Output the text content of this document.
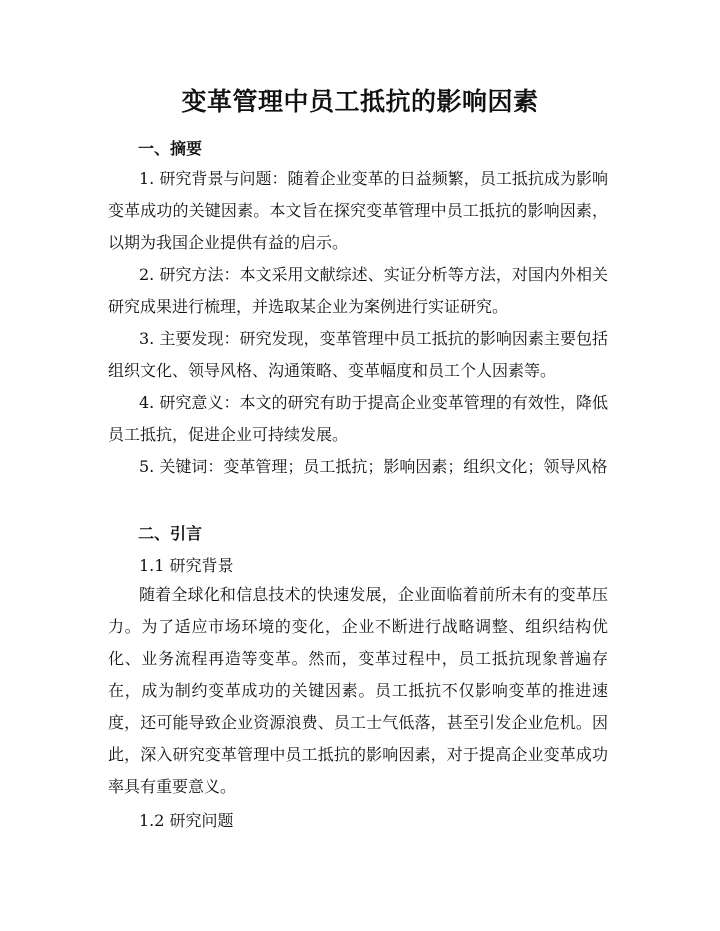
变革管理中员工抵抗的影响因素
一、摘要

1. 研究背景与问题：随着企业变革的日益频繁，员工抵抗成为影响变革成功的关键因素。本文旨在探究变革管理中员工抵抗的影响因素，以期为我国企业提供有益的启示。

2. 研究方法：本文采用文献综述、实证分析等方法，对国内外相关研究成果进行梳理，并选取某企业为案例进行实证研究。

3. 主要发现：研究发现，变革管理中员工抵抗的影响因素主要包括组织文化、领导风格、沟通策略、变革幅度和员工个人因素等。

4. 研究意义：本文的研究有助于提高企业变革管理的有效性，降低员工抵抗，促进企业可持续发展。

5. 关键词：变革管理；员工抵抗；影响因素；组织文化；领导风格

二、引言

1.1 研究背景

随着全球化和信息技术的快速发展，企业面临着前所未有的变革压力。为了适应市场环境的变化，企业不断进行战略调整、组织结构优化、业务流程再造等变革。然而，变革过程中，员工抵抗现象普遍存在，成为制约变革成功的关键因素。员工抵抗不仅影响变革的推进速度，还可能导致企业资源浪费、员工士气低落，甚至引发企业危机。因此，深入研究变革管理中员工抵抗的影响因素，对于提高企业变革成功率具有重要意义。

1.2 研究问题
